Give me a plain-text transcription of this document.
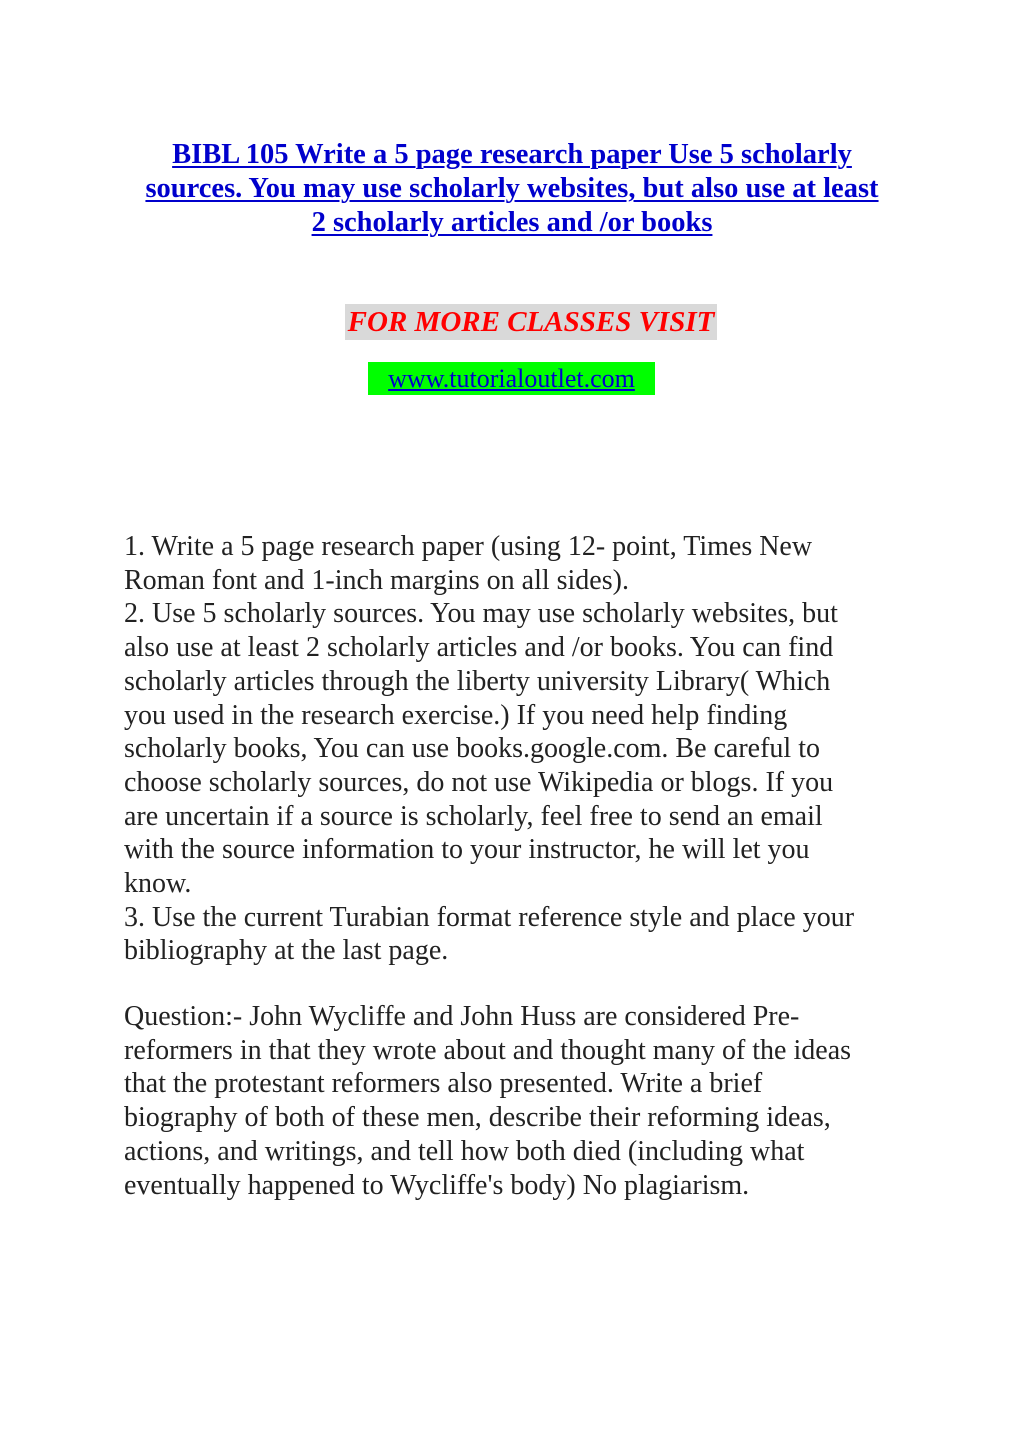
BIBL 105 Write a 5 page research paper Use 5 scholarly
sources. You may use scholarly websites, but also use at least
2 scholarly articles and /or books
FOR MORE CLASSES VISIT
www.tutorialoutlet.com

1. Write a 5 page research paper (using 12- point, Times New
Roman font and 1-inch margins on all sides).
2. Use 5 scholarly sources. You may use scholarly websites, but
also use at least 2 scholarly articles and /or books. You can find
scholarly articles through the liberty university Library( Which
you used in the research exercise.) If you need help finding
scholarly books, You can use books.google.com. Be careful to
choose scholarly sources, do not use Wikipedia or blogs. If you
are uncertain if a source is scholarly, feel free to send an email
with the source information to your instructor, he will let you
know.
3. Use the current Turabian format reference style and place your
bibliography at the last page.

Question:- John Wycliffe and John Huss are considered Pre-
reformers in that they wrote about and thought many of the ideas
that the protestant reformers also presented. Write a brief
biography of both of these men, describe their reforming ideas,
actions, and writings, and tell how both died (including what
eventually happened to Wycliffe's body) No plagiarism.
